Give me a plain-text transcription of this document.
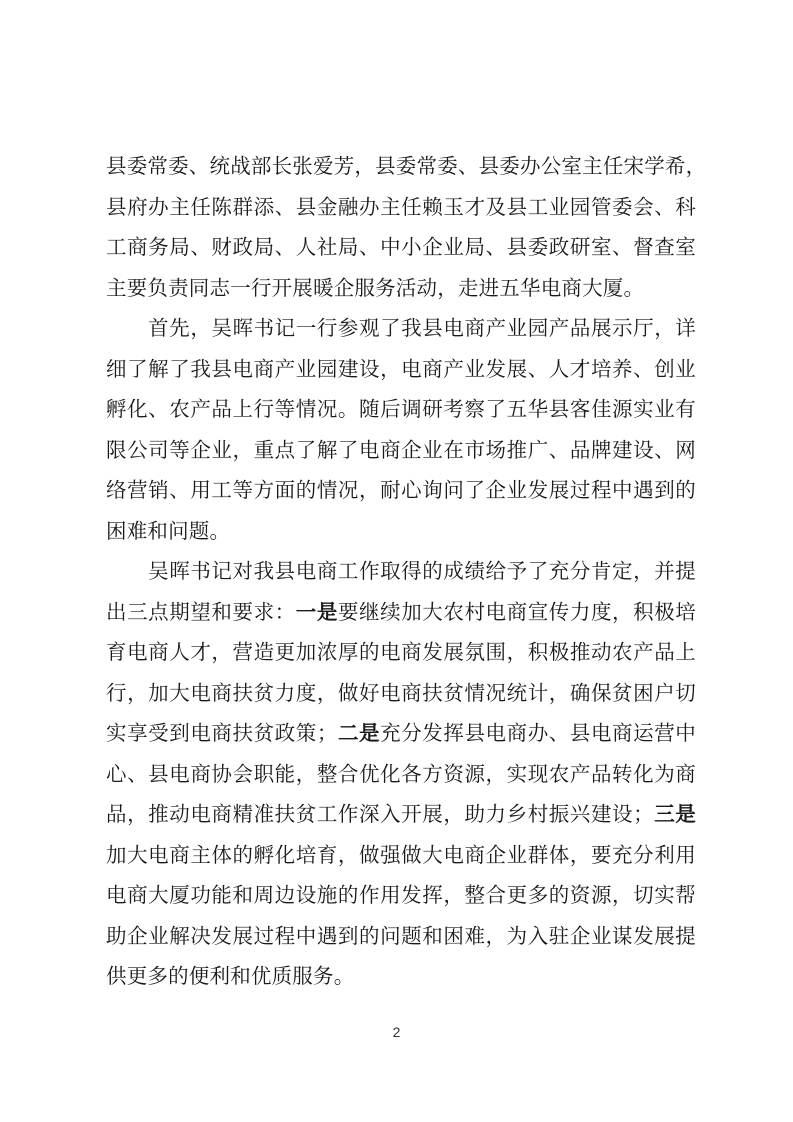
县委常委、统战部长张爱芳，县委常委、县委办公室主任宋学希，
县府办主任陈群添、县金融办主任赖玉才及县工业园管委会、科
工商务局、财政局、人社局、中小企业局、县委政研室、督查室
主要负责同志一行开展暖企服务活动，走进五华电商大厦。
　　首先，吴晖书记一行参观了我县电商产业园产品展示厅，详
细了解了我县电商产业园建设，电商产业发展、人才培养、创业
孵化、农产品上行等情况。随后调研考察了五华县客佳源实业有
限公司等企业，重点了解了电商企业在市场推广、品牌建设、网
络营销、用工等方面的情况，耐心询问了企业发展过程中遇到的
困难和问题。
　　吴晖书记对我县电商工作取得的成绩给予了充分肯定，并提
出三点期望和要求：一是要继续加大农村电商宣传力度，积极培
育电商人才，营造更加浓厚的电商发展氛围，积极推动农产品上
行，加大电商扶贫力度，做好电商扶贫情况统计，确保贫困户切
实享受到电商扶贫政策；二是充分发挥县电商办、县电商运营中
心、县电商协会职能，整合优化各方资源，实现农产品转化为商
品，推动电商精准扶贫工作深入开展，助力乡村振兴建设；三是
加大电商主体的孵化培育，做强做大电商企业群体，要充分利用
电商大厦功能和周边设施的作用发挥，整合更多的资源，切实帮
助企业解决发展过程中遇到的问题和困难，为入驻企业谋发展提
供更多的便利和优质服务。
2
